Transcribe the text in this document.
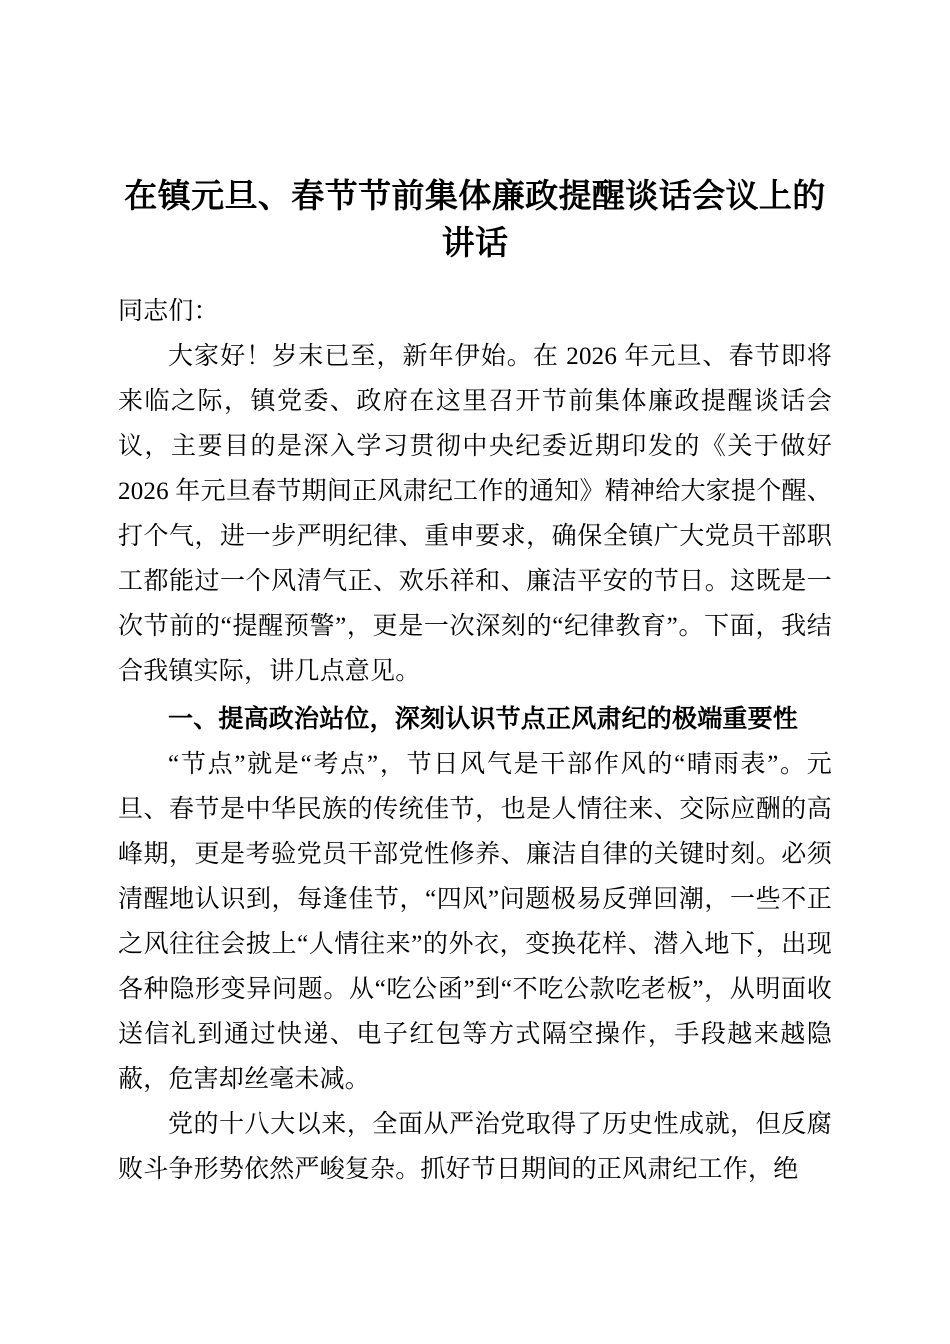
在镇元旦、春节节前集体廉政提醒谈话会议上的讲话

同志们：

大家好！岁末已至，新年伊始。在 2026 年元旦、春节即将来临之际，镇党委、政府在这里召开节前集体廉政提醒谈话会议，主要目的是深入学习贯彻中央纪委近期印发的《关于做好 2026 年元旦春节期间正风肃纪工作的通知》精神给大家提个醒、打个气，进一步严明纪律、重申要求，确保全镇广大党员干部职工都能过一个风清气正、欢乐祥和、廉洁平安的节日。这既是一次节前的“提醒预警”，更是一次深刻的“纪律教育”。下面，我结合我镇实际，讲几点意见。

一、提高政治站位，深刻认识节点正风肃纪的极端重要性

“节点”就是“考点”，节日风气是干部作风的“晴雨表”。元旦、春节是中华民族的传统佳节，也是人情往来、交际应酬的高峰期，更是考验党员干部党性修养、廉洁自律的关键时刻。必须清醒地认识到，每逢佳节，“四风”问题极易反弹回潮，一些不正之风往往会披上“人情往来”的外衣，变换花样、潜入地下，出现各种隐形变异问题。从“吃公函”到“不吃公款吃老板”，从明面收送信礼到通过快递、电子红包等方式隔空操作，手段越来越隐蔽，危害却丝毫未减。

党的十八大以来，全面从严治党取得了历史性成就，但反腐败斗争形势依然严峻复杂。抓好节日期间的正风肃纪工作，绝
